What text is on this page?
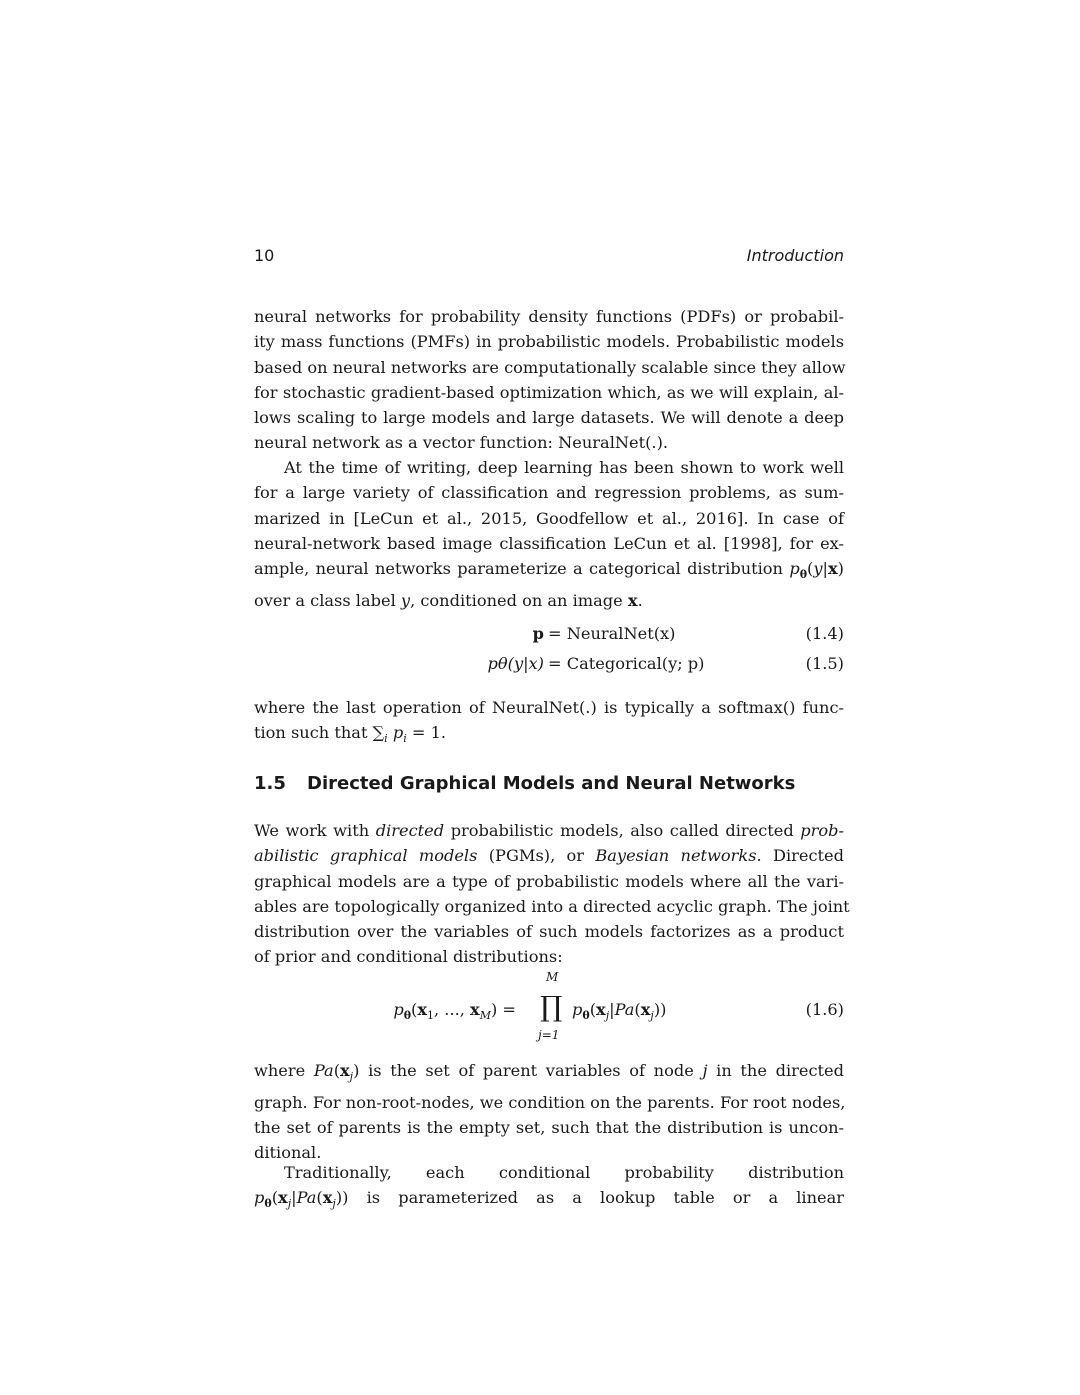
10	Introduction
neural networks for probability density functions (PDFs) or probabil-
ity mass functions (PMFs) in probabilistic models. Probabilistic models
based on neural networks are computationally scalable since they allow
for stochastic gradient-based optimization which, as we will explain, al-
lows scaling to large models and large datasets. We will denote a deep
neural network as a vector function: NeuralNet(.).
At the time of writing, deep learning has been shown to work well
for a large variety of classification and regression problems, as sum-
marized in [LeCun et al., 2015, Goodfellow et al., 2016]. In case of
neural-network based image classification LeCun et al. [1998], for ex-
ample, neural networks parameterize a categorical distribution $p_\theta(y|x)$
over a class label y, conditioned on an image x.
p = NeuralNet(x)	(1.4)
pθ(y|x) = Categorical(y; p)	(1.5)
where the last operation of NeuralNet(.) is typically a softmax() func-
tion such that $\sum_i$ $p_i = 1$.
1.5 Directed Graphical Models and Neural Networks
We work with directed probabilistic models, also called directed prob-
abilistic graphical models (PGMs), or Bayesian networks. Directed
graphical models are a type of probabilistic models where all the vari-
ables are topologically organized into a directed acyclic graph. The joint
distribution over the variables of such models factorizes as a product
of prior and conditional distributions:
$p_\theta(x_1$, ..., $x_M$) =	$p_\theta(x_j|Pa(x_j))$	(1.6)
M
∏
j=1
where $Pa(x_j)$ is the set of parent variables of node j in the directed
graph. For non-root-nodes, we condition on the parents. For root nodes,
the set of parents is the empty set, such that the distribution is uncon-
ditional.
Traditionally, each conditional probability distribution
$p_\theta(x_j|Pa(x_j))$ is parameterized as a lookup table or a linear
